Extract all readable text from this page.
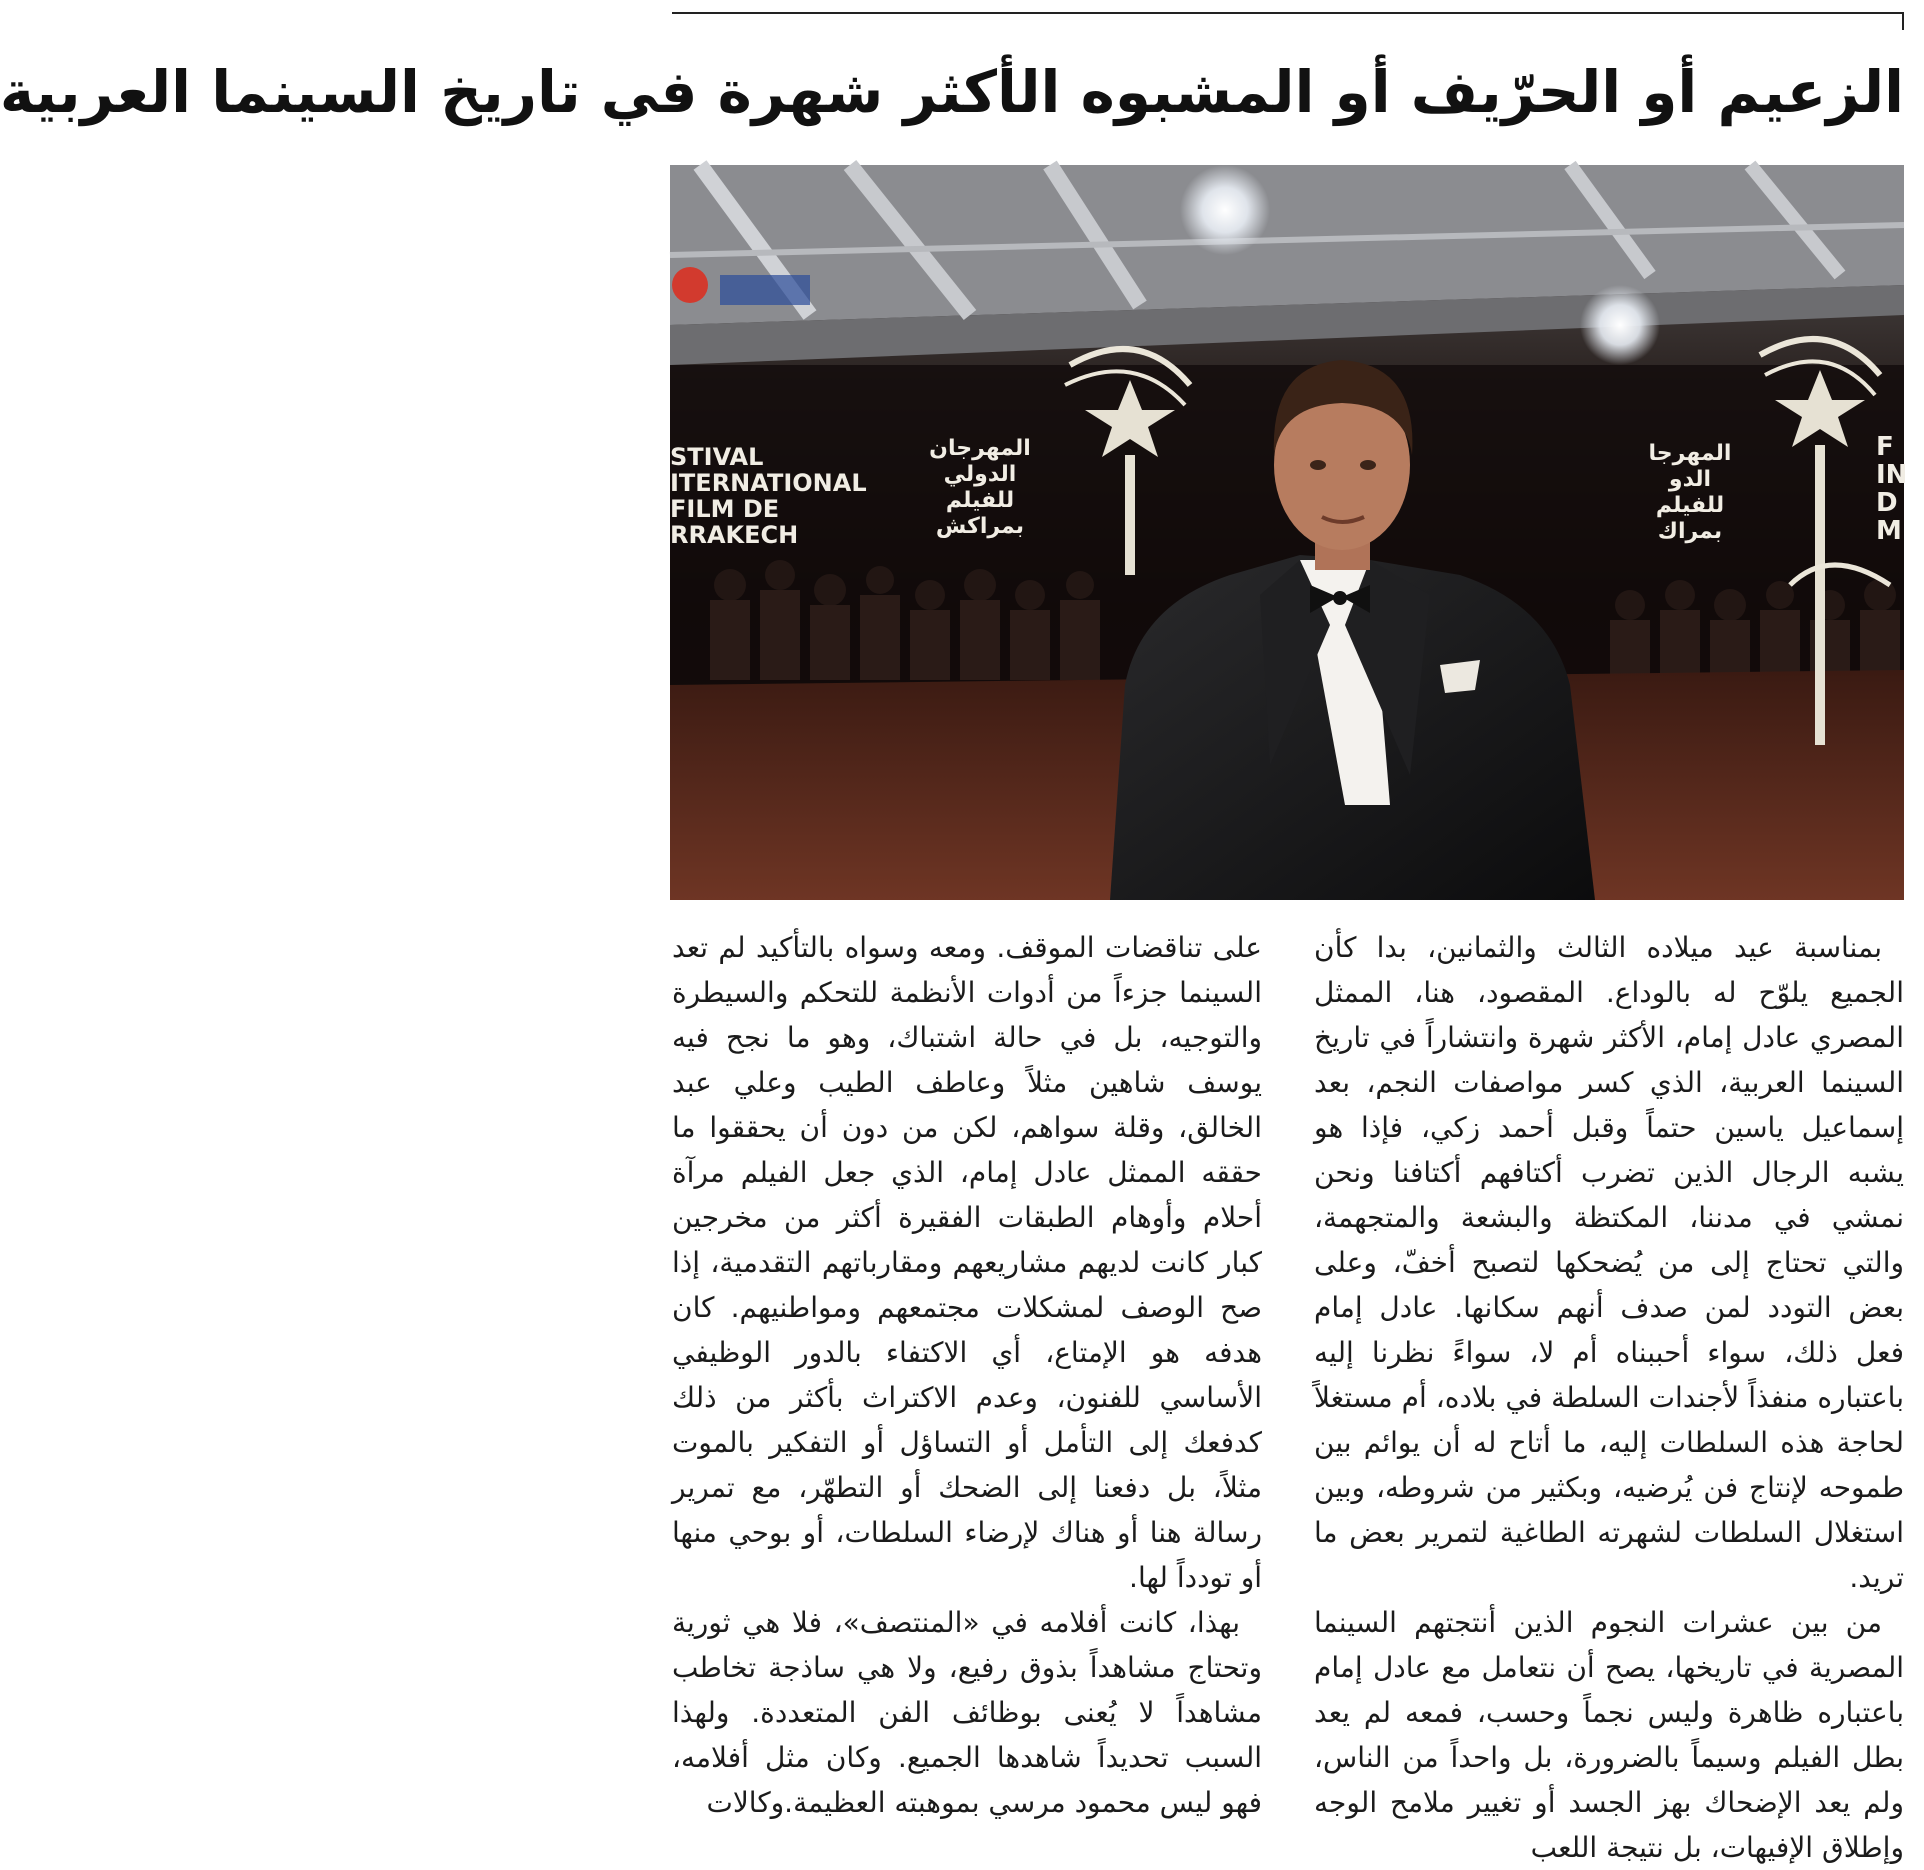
الزعيم أو الحرّيف أو المشبوه الأكثر شهرة في تاريخ السينما العربية
STIVAL
ITERNATIONAL
FILM DE
RRAKECH
المهرجان
الدولي
للفيلم
بمراكش
المهرجا
الدو
للفيلم
بمراك
F
IN
D
M

بمناسبة عيد ميلاده الثالث والثمانين، بدا كأن الجميع يلوّح له بالوداع. المقصود، هنا، الممثل المصري عادل إمام، الأكثر شهرة وانتشاراً في تاريخ السينما العربية، الذي كسر مواصفات النجم، بعد إسماعيل ياسين حتماً وقبل أحمد زكي، فإذا هو يشبه الرجال الذين تضرب أكتافهم أكتافنا ونحن نمشي في مدننا، المكتظة والبشعة والمتجهمة، والتي تحتاج إلى من يُضحكها لتصبح أخفّ، وعلى بعض التودد لمن صدف أنهم سكانها. عادل إمام فعل ذلك، سواء أحببناه أم لا، سواءً نظرنا إليه باعتباره منفذاً لأجندات السلطة في بلاده، أم مستغلاً لحاجة هذه السلطات إليه، ما أتاح له أن يوائم بين طموحه لإنتاج فن يُرضيه، وبكثير من شروطه، وبين استغلال السلطات لشهرته الطاغية لتمرير بعض ما تريد.

من بين عشرات النجوم الذين أنتجتهم السينما المصرية في تاريخها، يصح أن نتعامل مع عادل إمام باعتباره ظاهرة وليس نجماً وحسب، فمعه لم يعد بطل الفيلم وسيماً بالضرورة، بل واحداً من الناس، ولم يعد الإضحاك بهز الجسد أو تغيير ملامح الوجه وإطلاق الإفيهات، بل نتيجة اللعب

على تناقضات الموقف. ومعه وسواه بالتأكيد لم تعد السينما جزءاً من أدوات الأنظمة للتحكم والسيطرة والتوجيه، بل في حالة اشتباك، وهو ما نجح فيه يوسف شاهين مثلاً وعاطف الطيب وعلي عبد الخالق، وقلة سواهم، لكن من دون أن يحققوا ما حققه الممثل عادل إمام، الذي جعل الفيلم مرآة أحلام وأوهام الطبقات الفقيرة أكثر من مخرجين كبار كانت لديهم مشاريعهم ومقارباتهم التقدمية، إذا صح الوصف لمشكلات مجتمعهم ومواطنيهم. كان هدفه هو الإمتاع، أي الاكتفاء بالدور الوظيفي الأساسي للفنون، وعدم الاكتراث بأكثر من ذلك كدفعك إلى التأمل أو التساؤل أو التفكير بالموت مثلاً، بل دفعنا إلى الضحك أو التطهّر، مع تمرير رسالة هنا أو هناك لإرضاء السلطات، أو بوحي منها أو تودداً لها.

بهذا، كانت أفلامه في «المنتصف»، فلا هي ثورية وتحتاج مشاهداً بذوق رفيع، ولا هي ساذجة تخاطب مشاهداً لا يُعنى بوظائف الفن المتعددة. ولهذا السبب تحديداً شاهدها الجميع. وكان مثل أفلامه، فهو ليس محمود مرسي بموهبته العظيمة.وكالات
